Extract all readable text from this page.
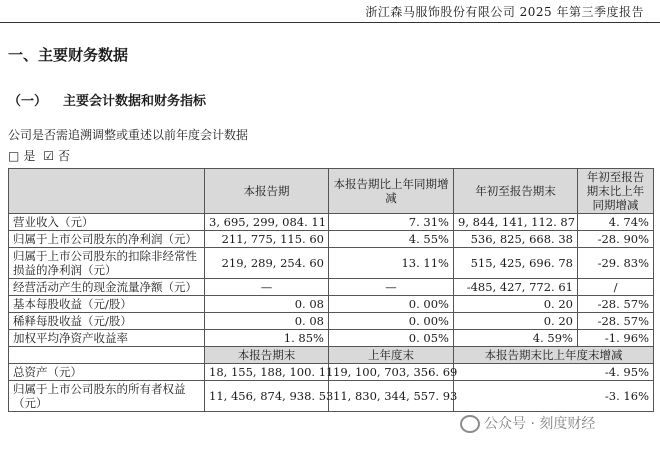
浙江森马服饰股份有限公司 2025 年第三季度报告
一、主要财务数据
（一） 主要会计数据和财务指标
公司是否需追溯调整或重述以前年度会计数据
□ 是 ☑ 否
	本报告期	本报告期比上年同期增减	年初至报告期末	年初至报告期末比上年同期增减
营业收入（元）	3, 695, 299, 084. 11	7. 31%	9, 844, 141, 112. 87	4. 74%
归属于上市公司股东的净利润（元）	211, 775, 115. 60	4. 55%	536, 825, 668. 38	-28. 90%
归属于上市公司股东的扣除非经常性损益的净利润（元）	219, 289, 254. 60	13. 11%	515, 425, 696. 78	-29. 83%
经营活动产生的现金流量净额（元）	—	—	-485, 427, 772. 61	/
基本每股收益（元/股）	0. 08	0. 00%	0. 20	-28. 57%
稀释每股收益（元/股）	0. 08	0. 00%	0. 20	-28. 57%
加权平均净资产收益率	1. 85%	0. 05%	4. 59%	-1. 96%
	本报告期末	上年度末	本报告期末比上年度末增减	
总资产（元）	18, 155, 188, 100. 11	19, 100, 703, 356. 69	-4. 95%	
归属于上市公司股东的所有者权益（元）	11, 456, 874, 938. 53	11, 830, 344, 557. 93	-3. 16%	
公众号 · 刻度财经
